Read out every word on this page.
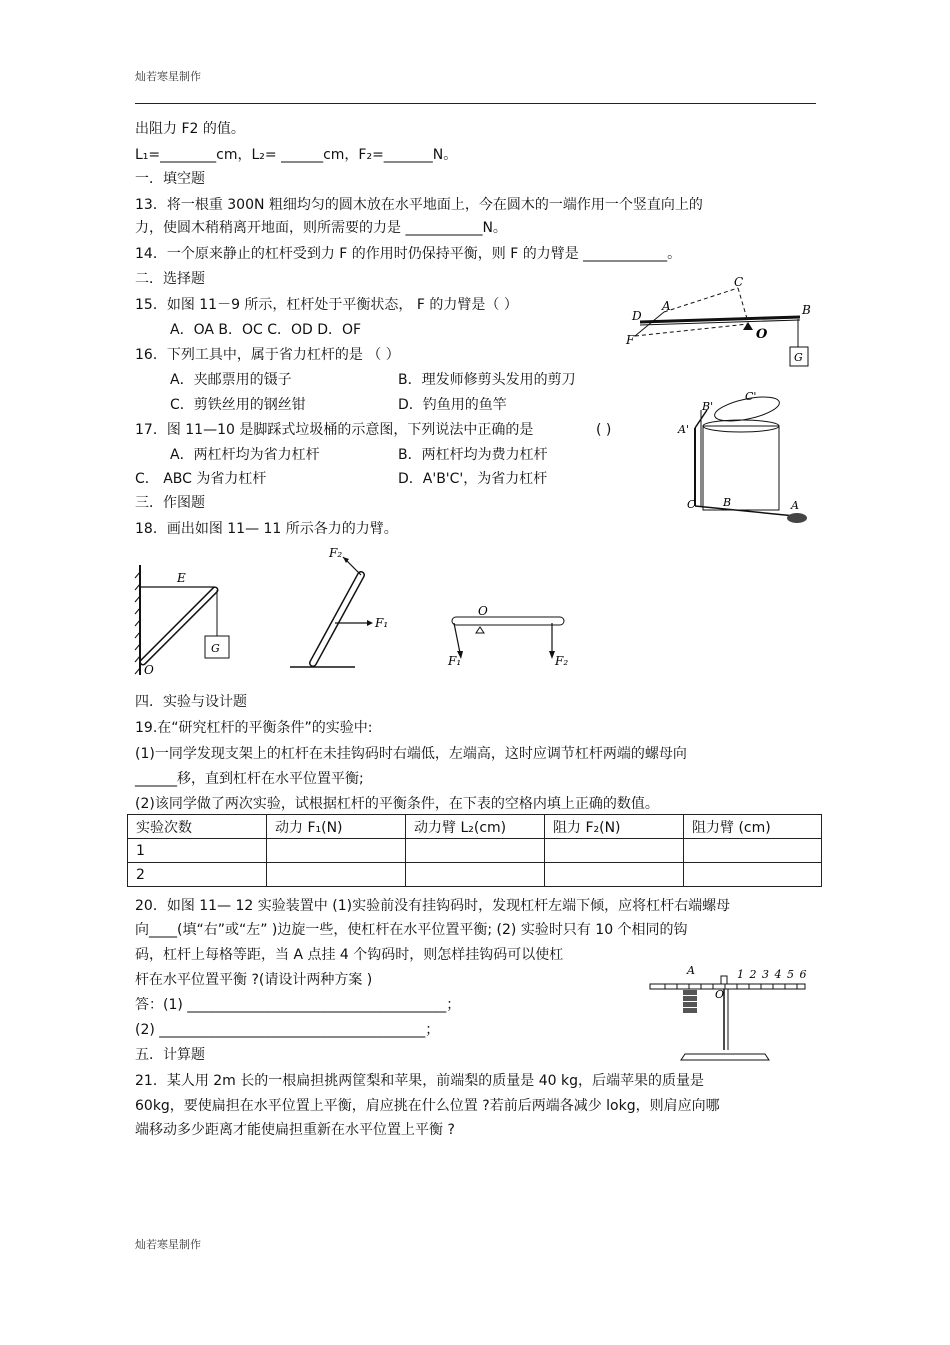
灿若寒星制作
灿若寒星制作
出阻力 F2 的值。
L₁=________cm，L₂= ______cm，F₂=_______N。
一．填空题
13．将一根重 300N 粗细均匀的圆木放在水平地面上，今在圆木的一端作用一个竖直向上的
力，使圆木稍稍离开地面，则所需要的力是 ___________N。
14．一个原来静止的杠杆受到力 F 的作用时仍保持平衡，则 F 的力臂是 ____________。
二．选择题
15．如图 11－9 所示，杠杆处于平衡状态， F 的力臂是（ ）
A．OA B．OC C．OD D．OF
16．下列工具中，属于省力杠杆的是 （ ）
A．夹邮票用的镊子	B．理发师修剪头发用的剪刀
C．剪铁丝用的钢丝钳	D．钓鱼用的鱼竿
17．图 11—10 是脚踩式垃圾桶的示意图，下列说法中正确的是	( )
A．两杠杆均为省力杠杆	B．两杠杆均为费力杠杆
C． ABC 为省力杠杆	D．A'B'C'，为省力杠杆
三．作图题
18．画出如图 11— 11 所示各力的力臂。
四．实验与设计题
19.在“研究杠杆的平衡条件”的实验中:
(1)一同学发现支架上的杠杆在未挂钩码时右端低，左端高，这时应调节杠杆两端的螺母向
______移，直到杠杆在水平位置平衡;
(2)该同学做了两次实验，试根据杠杆的平衡条件，在下表的空格内填上正确的数值。
实验次数	动力 F₁(N)	动力臂 L₂(cm)	阻力 F₂(N)	阻力臂 (cm)
1				
2				
20．如图 11— 12 实验装置中 (1)实验前没有挂钩码时，发现杠杆左端下倾，应将杠杆右端螺母
向____(填“右”或“左” )边旋一些，使杠杆在水平位置平衡; (2) 实验时只有 10 个相同的钩
码，杠杆上每格等距，当 A 点挂 4 个钩码时，则怎样挂钩码可以使杠
杆在水平位置平衡 ?(请设计两种方案 )
答：(1) _____________________________________；
(2) ______________________________________；
五．计算题
21．某人用 2m 长的一根扁担挑两筐梨和苹果，前端梨的质量是 40 kg，后端苹果的质量是
60kg，要使扁担在水平位置上平衡，肩应挑在什么位置 ?若前后两端各减少 lokg，则肩应向哪
端移动多少距离才能使扁担重新在水平位置上平衡 ?
D
A
C
F	O
B
G
A'
B'
C'
C	B	A
E
O
G
F₂
F₁
O
F₁	F₂
A
O
1 2 3 4 5 6
